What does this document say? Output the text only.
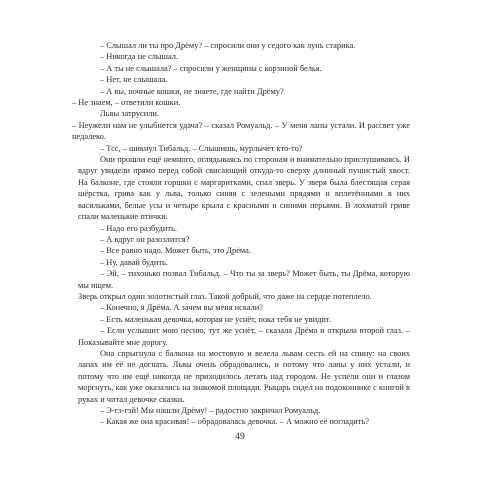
– Слышал ли ты про Дрёму? – спросили они у седого как лунь старика.

– Никогда не слышал.

– А ты не слышала? – спросили у женщины с корзиной белья.

– Нет, не слышала.

– А вы, ночные кошки, не знаете, где найти Дрёму?

– Не знаем, – ответили кошки.

Львы затрусили.

– Неужели нам не улыбнется удача? – сказал Ромуальд. – У меня лапы устали. И рассвет уже недалеко.

– Тсс, – шикнул Тибальд. – Слышишь, мурлычет кто-то?

Они прошли ещё немного, оглядываясь по сторонам и внимательно прислушиваясь. И вдруг увидели прямо перед собой свисающий откуда-то сверху длинный пушистый хвост. На балконе, где стояли горшки с маргаритками, спал зверь. У зверя была блестящая серая шёрстка, грива как у льва, только синяя с зелеными прядями и вплетёнными в них васильками, белые усы и четыре крыла с красными и синими перьями. В лохматой гриве спали маленькие птички.

– Надо его разбудить.

– А вдруг он разозлится?

– Все равно надо. Может быть, это Дрёма.

– Ну, давай будить.

– Эй, – тихонько позвал Тибальд. – Что ты за зверь? Может быть, ты Дрёма, которую мы ищем.

Зверь открыл один золотистый глаз. Такой добрый, что даже на сердце потеплело.

– Конечно, я Дрёма. А зачем вы меня искали?

– Есть маленькая девочка, которая не уснёт, пока тебя не увидит.

– Если услышит мою песню, тут же уснёт, – сказала Дрёма и открыла второй глаз. – Показывайте мне дорогу.

Она спрыгнула с балкона на мостовую и велела львам сесть ей на спину: на своих лапах им её не догнать. Львы очень обрадовались, и потому что лапы у них устали, и потому что им ещё никогда не приходилось летать над городом. Не успели они и глазом моргнуть, как уже оказались на знакомой площади. Рыцарь сидел на подоконнике с книгой в руках и читал девочке сказки.

– Э-гэ-гэй! Мы нашли Дрёму! – радостно закричал Ромуальд.

– Какая же она красивая! – обрадовалась девочка. – А можно её погладить?

49
